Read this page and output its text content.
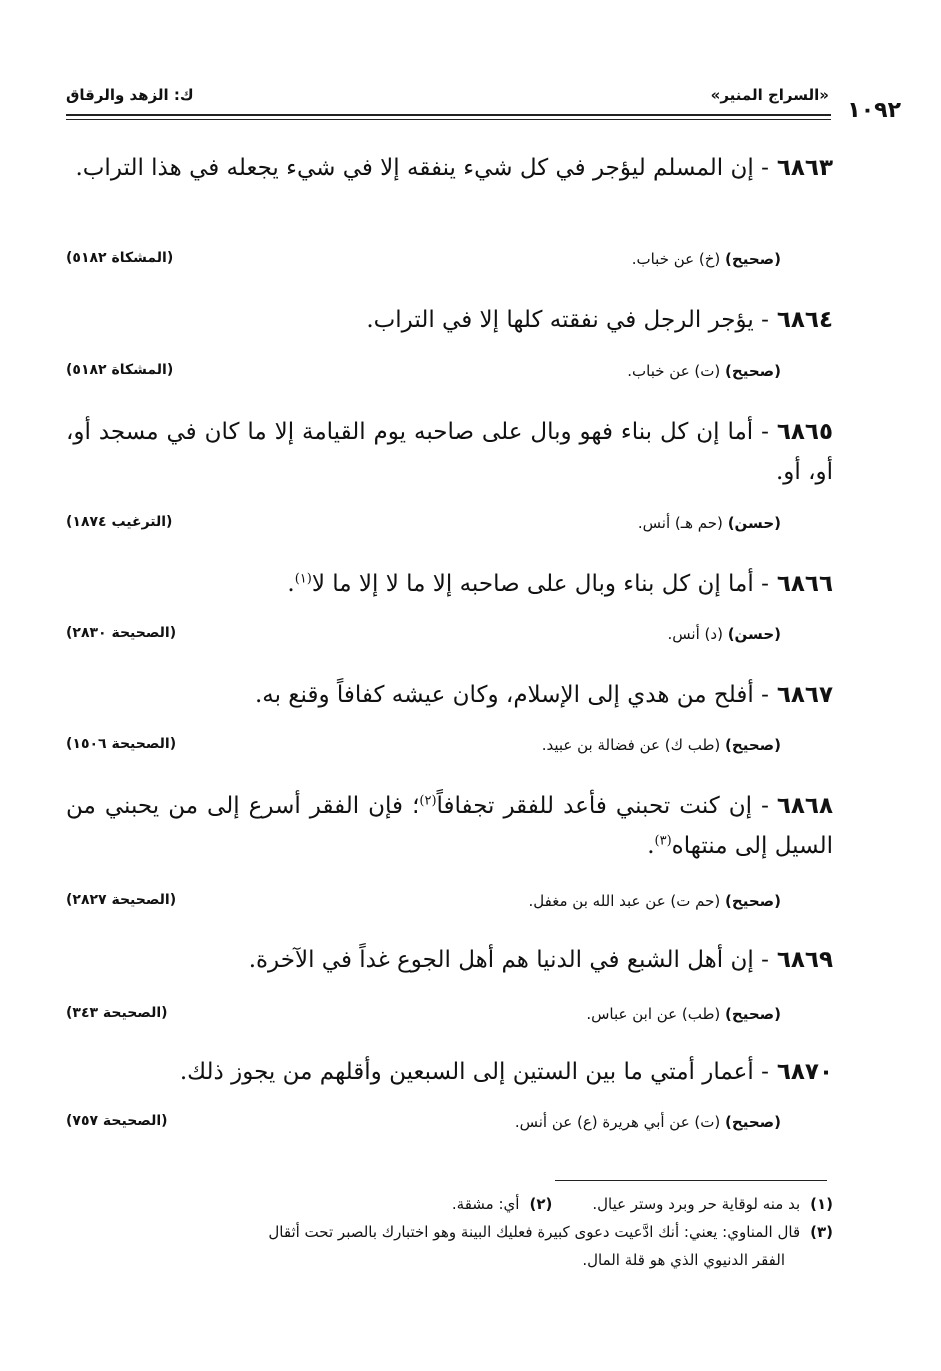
«السراج المنير»
ك: الزهد والرقاق
١٠٩٢
٦٨٦٣- إن المسلم ليؤجر في كل شيء ينفقه إلا في شيء يجعله في هذا التراب.
(صحيح) (خ) عن خباب.
(المشكاة ٥١٨٢)
٦٨٦٤- يؤجر الرجل في نفقته كلها إلا في التراب.
(صحيح) (ت) عن خباب.
(المشكاة ٥١٨٢)
٦٨٦٥- أما إن كل بناء فهو وبال على صاحبه يوم القيامة إلا ما كان في مسجد أو، أو، أو.
(حسن) (حم هـ) أنس.
(الترغيب ١٨٧٤)
٦٨٦٦- أما إن كل بناء وبال على صاحبه إلا ما لا إلا ما لا$^{(١)}$.
(حسن) (د) أنس.
(الصحيحة ٢٨٣٠)
٦٨٦٧- أفلح من هدي إلى الإسلام، وكان عيشه كفافاً وقنع به.
(صحيح) (طب ك) عن فضالة بن عبيد.
(الصحيحة ١٥٠٦)
٦٨٦٨- إن كنت تحبني فأعد للفقر تجفافاً$^{(٢)}$؛ فإن الفقر أسرع إلى من يحبني من السيل إلى منتهاه$^{(٣)}$.
(صحيح) (حم ت) عن عبد الله بن مغفل.
(الصحيحة ٢٨٢٧)
٦٨٦٩- إن أهل الشبع في الدنيا هم أهل الجوع غداً في الآخرة.
(صحيح) (طب) عن ابن عباس.
(الصحيحة ٣٤٣)
٦٨٧٠- أعمار أمتي ما بين الستين إلى السبعين وأقلهم من يجوز ذلك.
(صحيح) (ت) عن أبي هريرة (ع) عن أنس.
(الصحيحة ٧٥٧)
(١)بد منه لوقاية حر وبرد وستر عيال.(٢)أي: مشقة.
(٣)قال المناوي: يعني: أنك ادَّعيت دعوى كبيرة فعليك البينة وهو اختبارك بالصبر تحت أثقال
الفقر الدنيوي الذي هو قلة المال.
